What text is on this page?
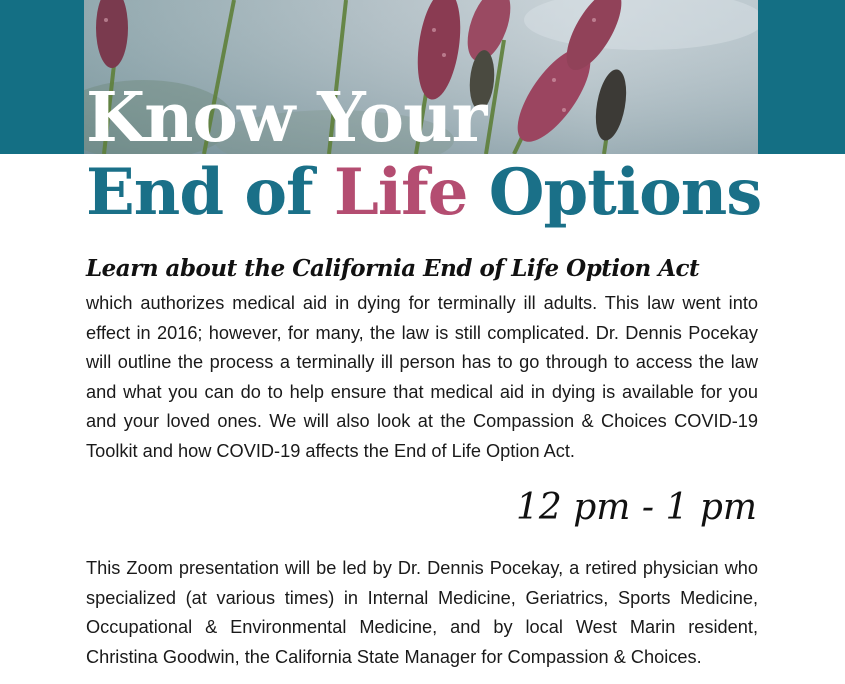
Know Your
End of Life Options

Learn about the California End of Life Option Act

which authorizes medical aid in dying for terminally ill adults. This law went into effect in 2016; however, for many, the law is still complicated. Dr. Dennis Pocekay will outline the process a terminally ill person has to go through to access the law and what you can do to help ensure that medical aid in dying is available for you and your loved ones. We will also look at the Compassion & Choices COVID-19 Toolkit and how COVID-19 affects the End of Life Option Act.

12 pm - 1 pm

This Zoom presentation will be led by Dr. Dennis Pocekay, a retired physician who specialized (at various times) in Internal Medicine, Geriatrics, Sports Medicine, Occupational & Environmental Medicine, and by local West Marin resident, Christina Goodwin, the California State Manager for Compassion & Choices.
